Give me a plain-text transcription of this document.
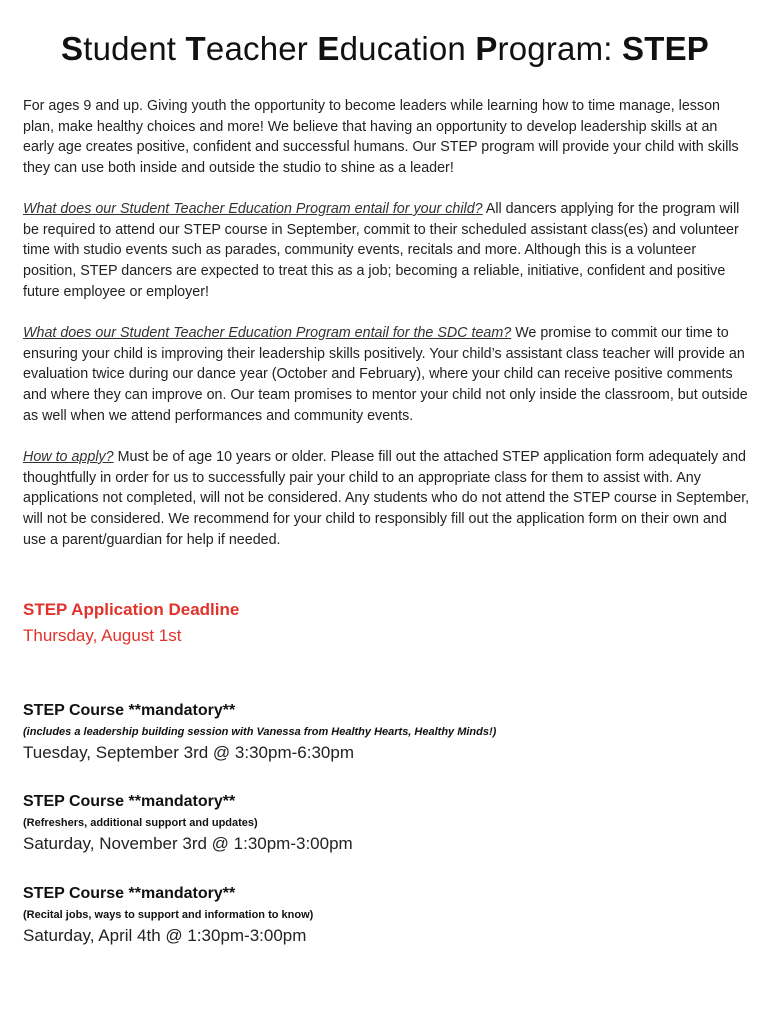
Student Teacher Education Program: STEP
For ages 9 and up. Giving youth the opportunity to become leaders while learning how to time manage, lesson plan, make healthy choices and more! We believe that having an opportunity to develop leadership skills at an early age creates positive, confident and successful humans. Our STEP program will provide your child with skills they can use both inside and outside the studio to shine as a leader!
What does our Student Teacher Education Program entail for your child? All dancers applying for the program will be required to attend our STEP course in September, commit to their scheduled assistant class(es) and volunteer time with studio events such as parades, community events, recitals and more. Although this is a volunteer position, STEP dancers are expected to treat this as a job; becoming a reliable, initiative, confident and positive future employee or employer!
What does our Student Teacher Education Program entail for the SDC team? We promise to commit our time to ensuring your child is improving their leadership skills positively. Your child’s assistant class teacher will provide an evaluation twice during our dance year (October and February), where your child can receive positive comments and where they can improve on. Our team promises to mentor your child not only inside the classroom, but outside as well when we attend performances and community events.
How to apply? Must be of age 10 years or older. Please fill out the attached STEP application form adequately and thoughtfully in order for us to successfully pair your child to an appropriate class for them to assist with. Any applications not completed, will not be considered. Any students who do not attend the STEP course in September, will not be considered. We recommend for your child to responsibly fill out the application form on their own and use a parent/guardian for help if needed.
STEP Application Deadline
Thursday, August 1st
STEP Course **mandatory**
(includes a leadership building session with Vanessa from Healthy Hearts, Healthy Minds!)
Tuesday, September 3rd @ 3:30pm-6:30pm
STEP Course **mandatory**
(Refreshers, additional support and updates)
Saturday, November 3rd @ 1:30pm-3:00pm
STEP Course **mandatory**
(Recital jobs, ways to support and information to know)
Saturday, April 4th @ 1:30pm-3:00pm
